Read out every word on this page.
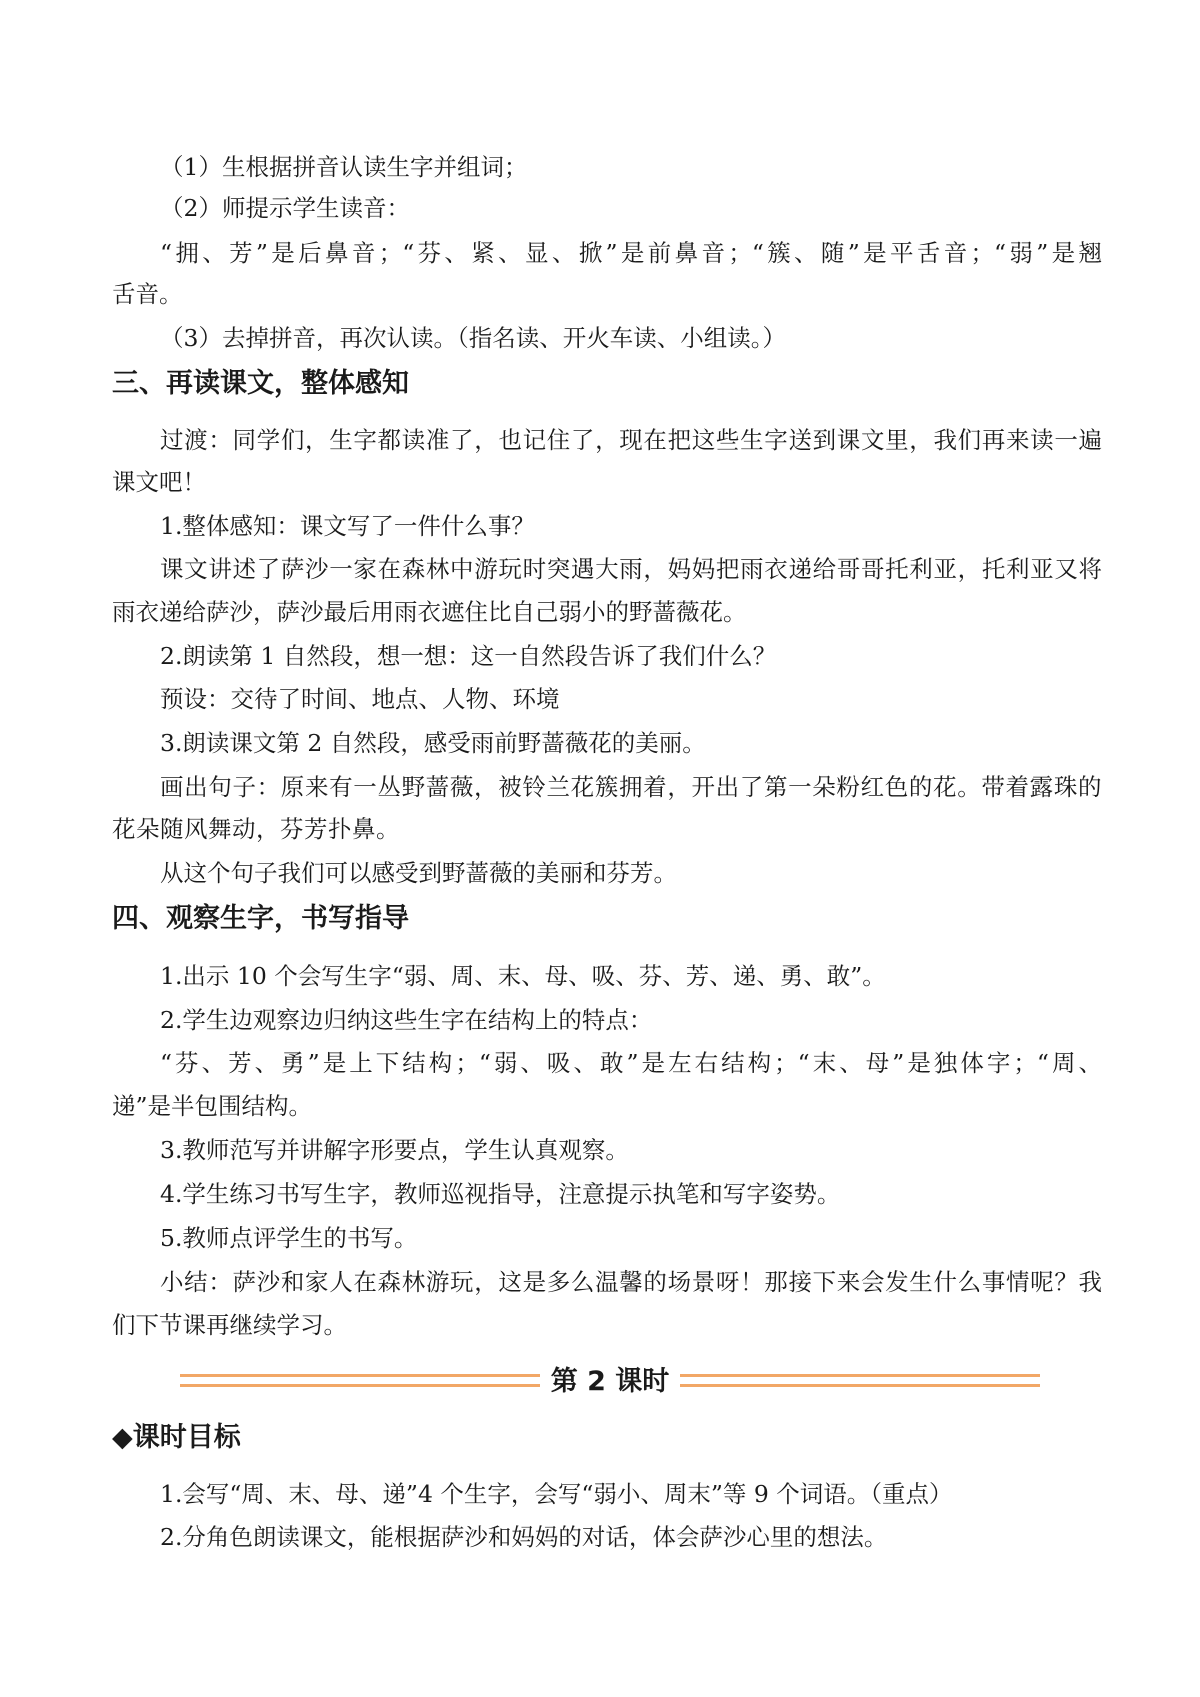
（1）生根据拼音认读生字并组词；
（2）师提示学生读音：
“拥、芳”是后鼻音；“芬、紧、显、掀”是前鼻音；“簇、随”是平舌音；“弱”是翘
舌音。
（3）去掉拼音，再次认读。（指名读、开火车读、小组读。）
三、再读课文，整体感知
过渡：同学们，生字都读准了，也记住了，现在把这些生字送到课文里，我们再来读一遍
课文吧！
1.整体感知：课文写了一件什么事？
课文讲述了萨沙一家在森林中游玩时突遇大雨，妈妈把雨衣递给哥哥托利亚，托利亚又将
雨衣递给萨沙，萨沙最后用雨衣遮住比自己弱小的野蔷薇花。
2.朗读第 1 自然段，想一想：这一自然段告诉了我们什么？
预设：交待了时间、地点、人物、环境
3.朗读课文第 2 自然段，感受雨前野蔷薇花的美丽。
画出句子：原来有一丛野蔷薇，被铃兰花簇拥着，开出了第一朵粉红色的花。带着露珠的
花朵随风舞动，芬芳扑鼻。
从这个句子我们可以感受到野蔷薇的美丽和芬芳。
四、观察生字，书写指导
1.出示 10 个会写生字“弱、周、末、母、吸、芬、芳、递、勇、敢”。
2.学生边观察边归纳这些生字在结构上的特点：
“芬、芳、勇”是上下结构；“弱、吸、敢”是左右结构；“末、母”是独体字；“周、
递”是半包围结构。
3.教师范写并讲解字形要点，学生认真观察。
4.学生练习书写生字，教师巡视指导，注意提示执笔和写字姿势。
5.教师点评学生的书写。
小结：萨沙和家人在森林游玩，这是多么温馨的场景呀！那接下来会发生什么事情呢？我
们下节课再继续学习。
第 2 课时
◆课时目标
1.会写“周、末、母、递”4 个生字，会写“弱小、周末”等 9 个词语。（重点）
2.分角色朗读课文，能根据萨沙和妈妈的对话，体会萨沙心里的想法。
